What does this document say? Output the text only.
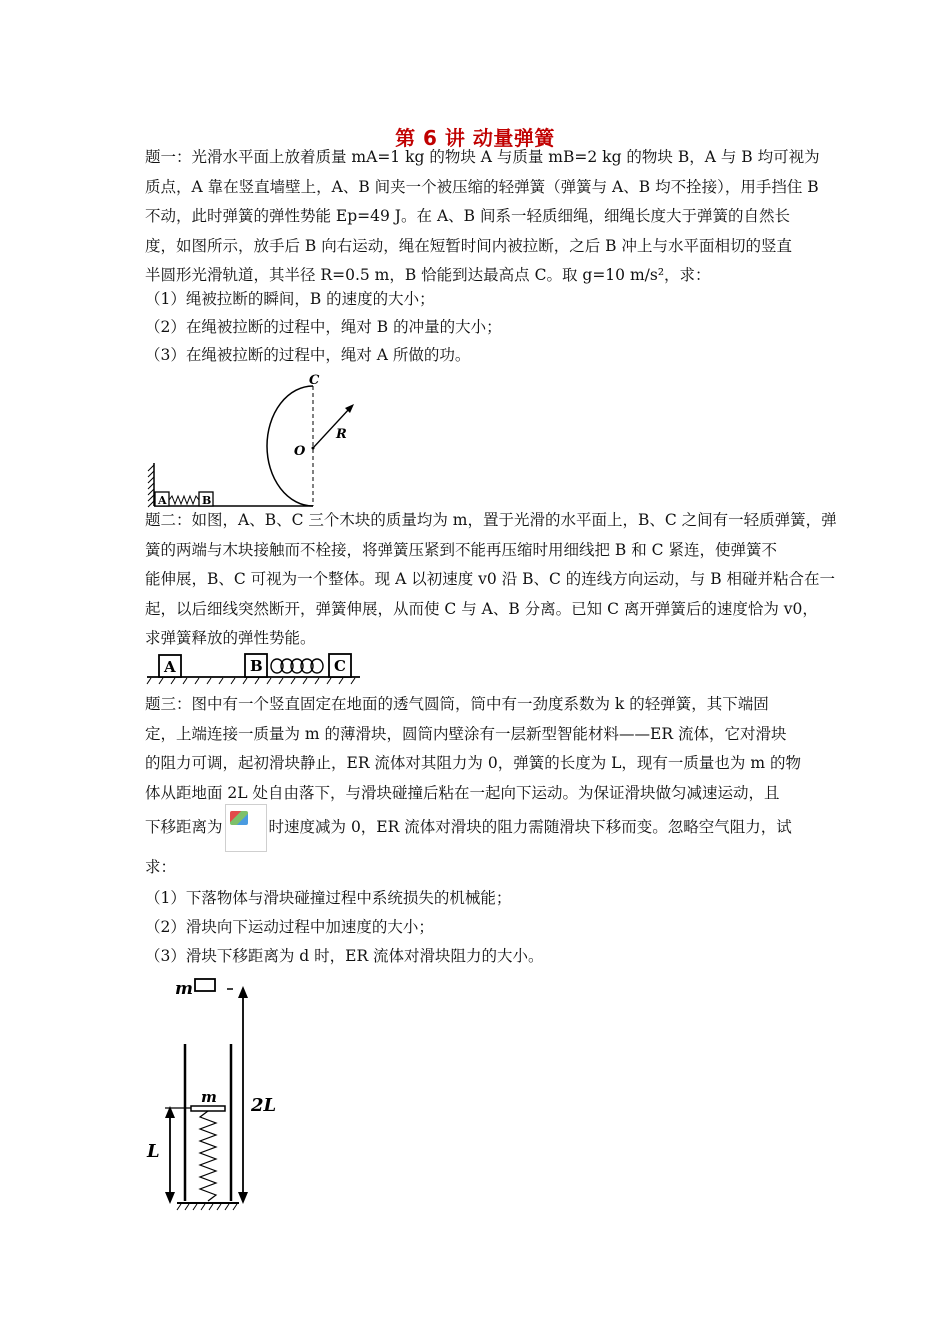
第 6 讲 动量弹簧
题一：光滑水平面上放着质量 mA=1 kg 的物块 A 与质量 mB=2 kg 的物块 B，A 与 B 均可视为
质点，A 靠在竖直墙壁上，A、B 间夹一个被压缩的轻弹簧（弹簧与 A、B 均不拴接），用手挡住 B
不动，此时弹簧的弹性势能 Ep=49 J。在 A、B 间系一轻质细绳，细绳长度大于弹簧的自然长
度，如图所示，放手后 B 向右运动，绳在短暂时间内被拉断，之后 B 冲上与水平面相切的竖直
半圆形光滑轨道，其半径 R=0.5 m，B 恰能到达最高点 C。取 g=10 m/s²，求：
（1）绳被拉断的瞬间，B 的速度的大小；
（2）在绳被拉断的过程中，绳对 B 的冲量的大小；
（3）在绳被拉断的过程中，绳对 A 所做的功。
C
O
R
A	B
题二：如图，A、B、C 三个木块的质量均为 m，置于光滑的水平面上，B、C 之间有一轻质弹簧，弹
簧的两端与木块接触而不栓接，将弹簧压紧到不能再压缩时用细线把 B 和 C 紧连，使弹簧不
能伸展，B、C 可视为一个整体。现 A 以初速度 v0 沿 B、C 的连线方向运动，与 B 相碰并粘合在一
起，以后细线突然断开，弹簧伸展，从而使 C 与 A、B 分离。已知 C 离开弹簧后的速度恰为 v0，
求弹簧释放的弹性势能。
A	B	C
题三：图中有一个竖直固定在地面的透气圆筒，筒中有一劲度系数为 k 的轻弹簧，其下端固
定，上端连接一质量为 m 的薄滑块，圆筒内壁涂有一层新型智能材料——ER 流体，它对滑块
的阻力可调，起初滑块静止，ER 流体对其阻力为 0，弹簧的长度为 L，现有一质量也为 m 的物
体从距地面 2L 处自由落下，与滑块碰撞后粘在一起向下运动。为保证滑块做匀减速运动，且
下移距离为	时速度减为 0，ER 流体对滑块的阻力需随滑块下移而变。忽略空气阻力，试
求：
（1）下落物体与滑块碰撞过程中系统损失的机械能；
（2）滑块向下运动过程中加速度的大小；
（3）滑块下移距离为 d 时，ER 流体对滑块阻力的大小。
m
2L
m
L
